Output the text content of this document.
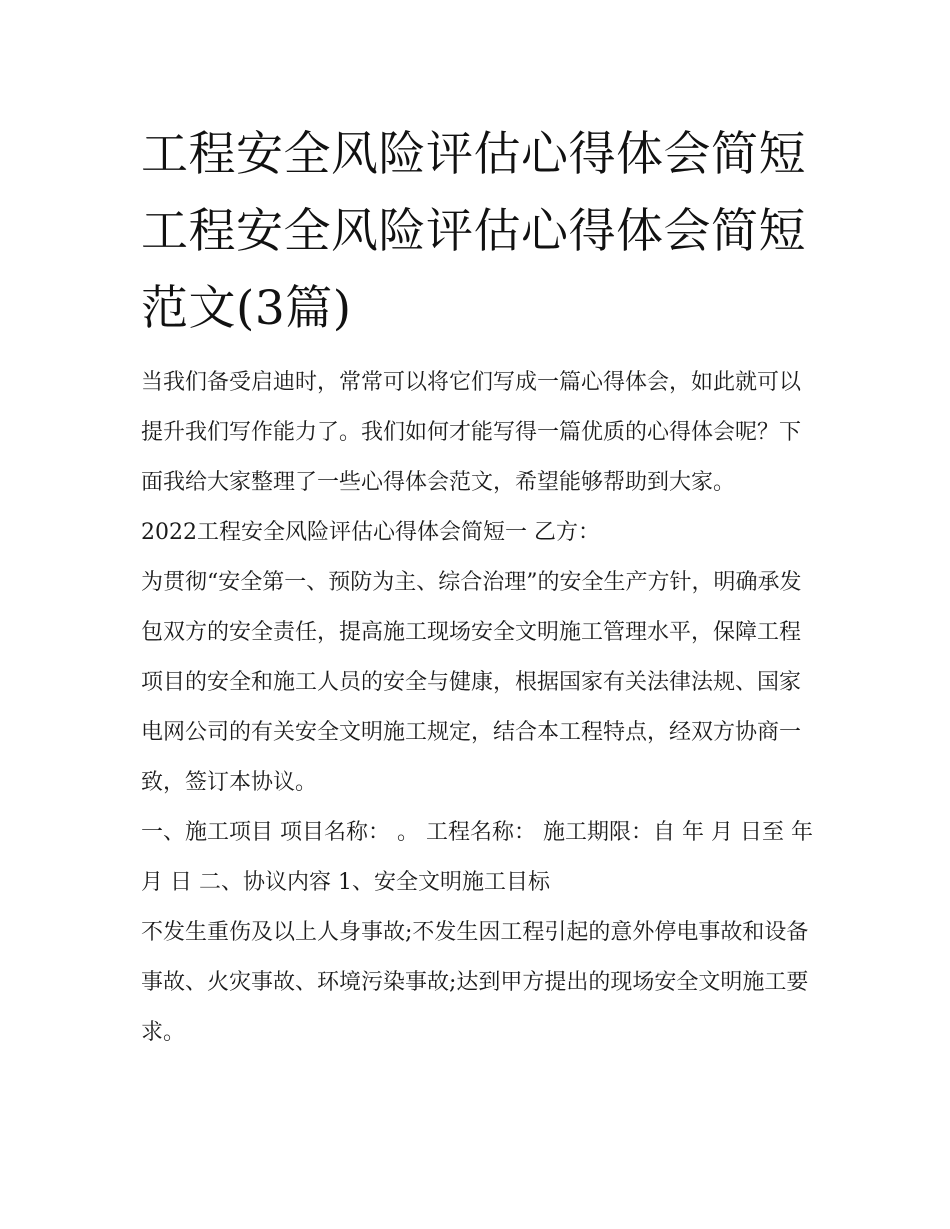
工程安全风险评估心得体会简短 工程安全风险评估心得体会简短范文(3篇)

当我们备受启迪时，常常可以将它们写成一篇心得体会，如此就可以提升我们写作能力了。我们如何才能写得一篇优质的心得体会呢？下面我给大家整理了一些心得体会范文，希望能够帮助到大家。

2022工程安全风险评估心得体会简短一 乙方：

为贯彻“安全第一、预防为主、综合治理”的安全生产方针，明确承发包双方的安全责任，提高施工现场安全文明施工管理水平，保障工程项目的安全和施工人员的安全与健康，根据国家有关法律法规、国家电网公司的有关安全文明施工规定，结合本工程特点，经双方协商一致，签订本协议。

一、施工项目 项目名称： 。 工程名称： 施工期限：自 年 月 日至 年 月 日 二、协议内容 1、安全文明施工目标

不发生重伤及以上人身事故;不发生因工程引起的意外停电事故和设备事故、火灾事故、环境污染事故;达到甲方提出的现场安全文明施工要求。
